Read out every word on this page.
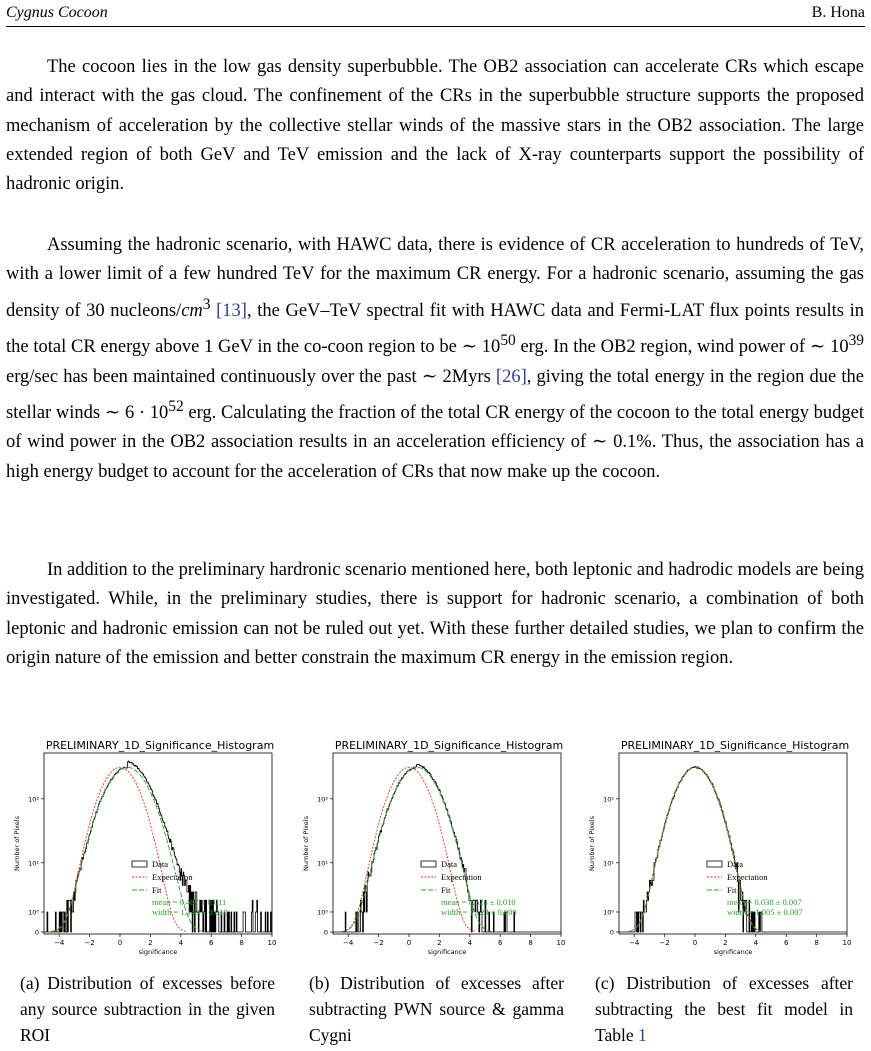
Cygnus Cocoon	B. Hona

The cocoon lies in the low gas density superbubble. The OB2 association can accelerate CRs which escape and interact with the gas cloud. The confinement of the CRs in the superbubble structure supports the proposed mechanism of acceleration by the collective stellar winds of the massive stars in the OB2 association. The large extended region of both GeV and TeV emission and the lack of X-ray counterparts support the possibility of hadronic origin.

Assuming the hadronic scenario, with HAWC data, there is evidence of CR acceleration to hundreds of TeV, with a lower limit of a few hundred TeV for the maximum CR energy. For a hadronic scenario, assuming the gas density of 30 nucleons/$cm^3$ [13], the GeV–TeV spectral fit with HAWC data and Fermi-LAT flux points results in the total CR energy above 1 GeV in the co-coon region to be ∼ $10^{50}$ erg. In the OB2 region, wind power of ∼ $10^{39}$ erg/sec has been maintained continuously over the past ∼ 2Myrs [26], giving the total energy in the region due the stellar winds ∼ $6 \cdot 10^{52}$ erg. Calculating the fraction of the total CR energy of the cocoon to the total energy budget of wind power in the OB2 association results in an acceleration efficiency of ∼ 0.1%. Thus, the association has a high energy budget to account for the acceleration of CRs that now make up the cocoon.

In addition to the preliminary hardronic scenario mentioned here, both leptonic and hadrodic models are being investigated. While, in the preliminary studies, there is support for hadronic scenario, a combination of both leptonic and hadronic emission can not be ruled out yet. With these further detailed studies, we plan to confirm the origin nature of the emission and better constrain the maximum CR energy in the emission region.

PRELIMINARY_1D_Significance_Histogram
−4	−2	0	2	4	6	8	10
0
10⁰
10¹
10²
significance
Number of Pixels	Data
Expectation
Fit
mean = 0.487 ± 0.011
width = 1.149 ± 0.010
PRELIMINARY_1D_Significance_Histogram
−4	−2	0	2	4	6	8	10
0
10⁰
10¹
10²
significance
Number of Pixels	Data
Expectation
Fit
mean = 0.524 ± 0.010
width = 1.123 ± 0.009
PRELIMINARY_1D_Significance_Histogram
−4	−2	0	2	4	6	8	10
0
10⁰
10¹
10²
significance
Number of Pixels	Data
Expectation
Fit
mean = 0.038 ± 0.007
width = 1.005 ± 0.007

(a) Distribution of excesses before any source subtraction in the given ROI

(b) Distribution of excesses after subtracting PWN source & gamma Cygni

(c) Distribution of excesses after subtracting the best fit model in Table 1
